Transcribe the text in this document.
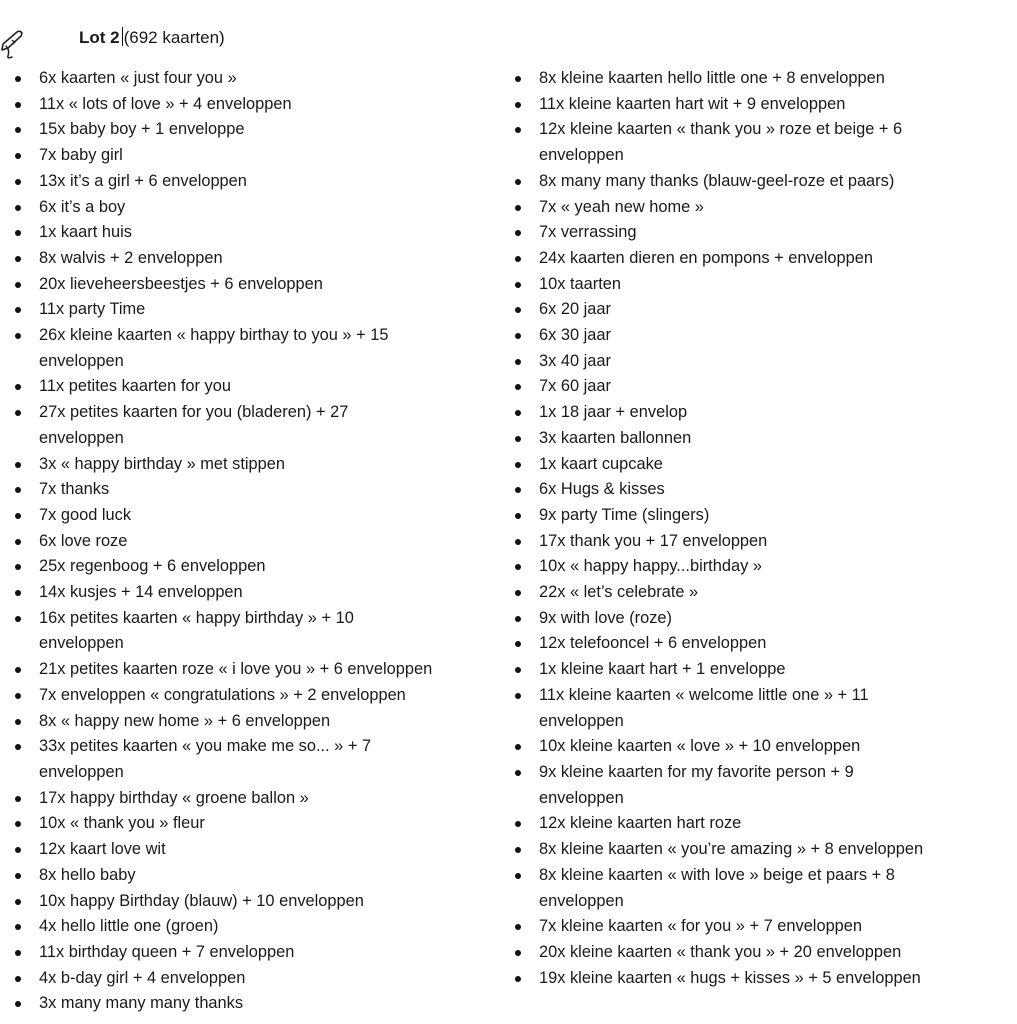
Lot 2 (692 kaarten)
6x kaarten « just four you »
11x « lots of love » + 4 enveloppen
15x baby boy + 1 enveloppe
7x baby girl
13x it’s a girl + 6 enveloppen
6x it’s a boy
1x kaart huis
8x walvis + 2 enveloppen
20x lieveheersbeestjes + 6 enveloppen
11x party Time
26x kleine kaarten « happy birthay to you » + 15
enveloppen
11x petites kaarten for you
27x petites kaarten for you (bladeren) + 27
enveloppen
3x « happy birthday » met stippen
7x thanks
7x good luck
6x love roze
25x regenboog + 6 enveloppen
14x kusjes + 14 enveloppen
16x petites kaarten « happy birthday » + 10
enveloppen
21x petites kaarten roze « i love you » + 6 enveloppen
7x enveloppen « congratulations » + 2 enveloppen
8x « happy new home » + 6 enveloppen
33x petites kaarten « you make me so... » + 7
enveloppen
17x happy birthday « groene ballon »
10x « thank you » fleur
12x kaart love wit
8x hello baby
10x happy Birthday (blauw) + 10 enveloppen
4x hello little one (groen)
11x birthday queen + 7 enveloppen
4x b-day girl + 4 enveloppen
3x many many many thanks
8x kleine kaarten hello little one + 8 enveloppen
11x kleine kaarten hart wit + 9 enveloppen
12x kleine kaarten « thank you » roze et beige + 6
enveloppen
8x many many thanks (blauw-geel-roze et paars)
7x « yeah new home »
7x verrassing
24x kaarten dieren en pompons + enveloppen
10x taarten
6x 20 jaar
6x 30 jaar
3x 40 jaar
7x 60 jaar
1x 18 jaar + envelop
3x kaarten ballonnen
1x kaart cupcake
6x Hugs & kisses
9x party Time (slingers)
17x thank you + 17 enveloppen
10x « happy happy...birthday »
22x « let’s celebrate »
9x with love (roze)
12x telefooncel + 6 enveloppen
1x kleine kaart hart + 1 enveloppe
11x kleine kaarten « welcome little one » + 11
enveloppen
10x kleine kaarten « love » + 10 enveloppen
9x kleine kaarten for my favorite person + 9
enveloppen
12x kleine kaarten hart roze
8x kleine kaarten « you’re amazing » + 8 enveloppen
8x kleine kaarten « with love » beige et paars + 8
enveloppen
7x kleine kaarten « for you » + 7 enveloppen
20x kleine kaarten « thank you » + 20 enveloppen
19x kleine kaarten « hugs + kisses » + 5 enveloppen
